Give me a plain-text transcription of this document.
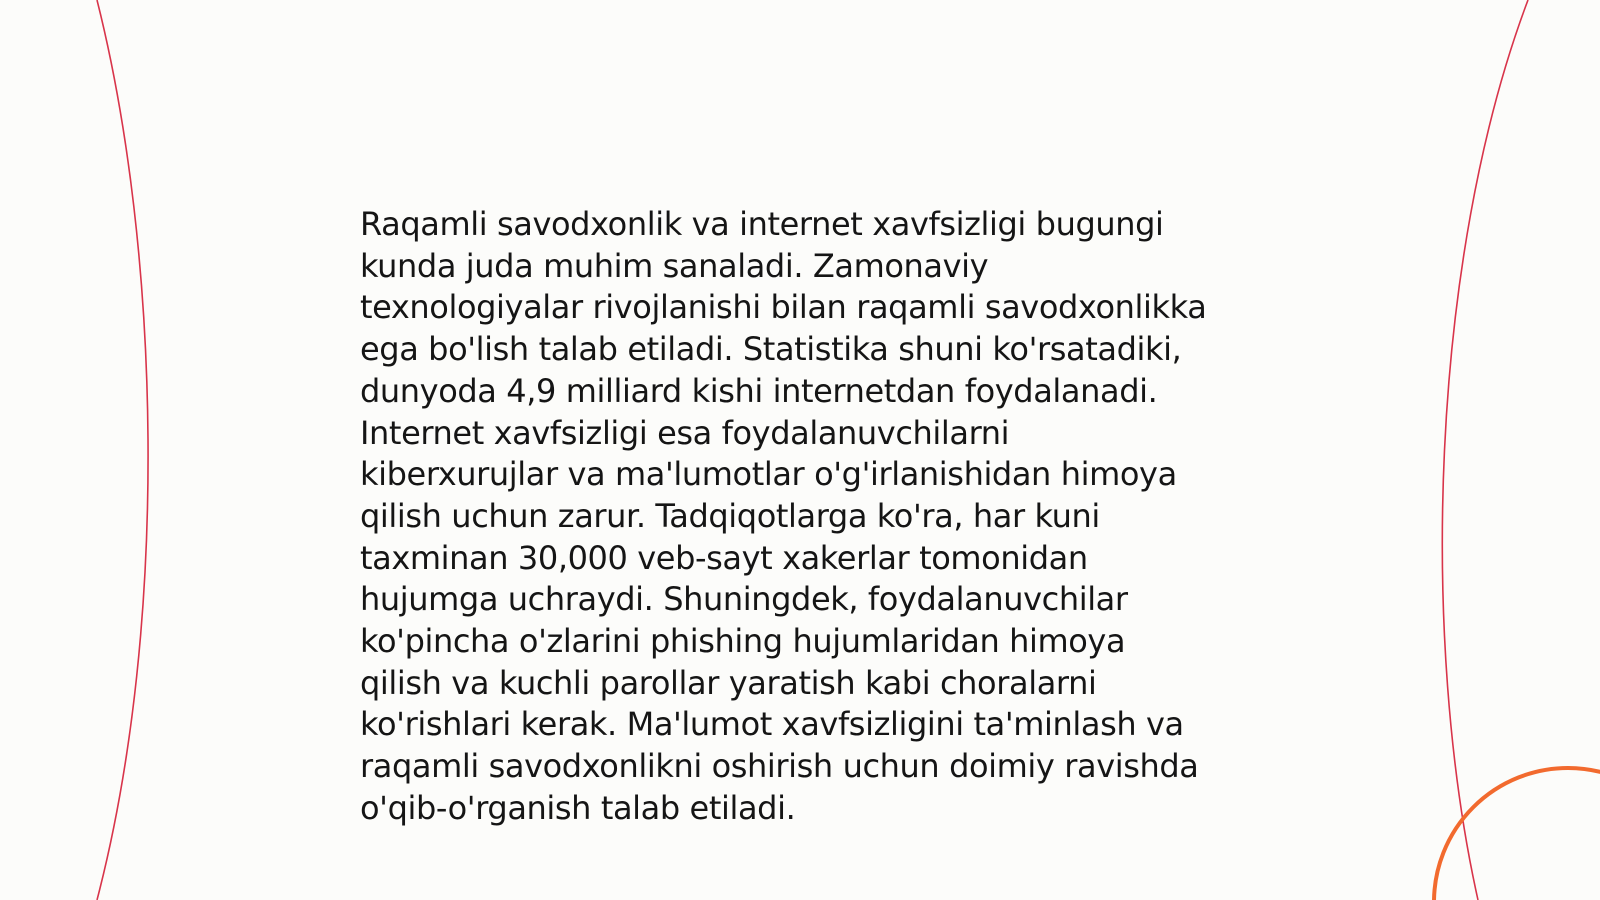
Raqamli savodxonlik va internet xavfsizligi bugungi
kunda juda muhim sanaladi. Zamonaviy
texnologiyalar rivojlanishi bilan raqamli savodxonlikka
ega bo'lish talab etiladi. Statistika shuni ko'rsatadiki,
dunyoda 4,9 milliard kishi internetdan foydalanadi.
Internet xavfsizligi esa foydalanuvchilarni
kiberxurujlar va ma'lumotlar o'g'irlanishidan himoya
qilish uchun zarur. Tadqiqotlarga ko'ra, har kuni
taxminan 30,000 veb-sayt xakerlar tomonidan
hujumga uchraydi. Shuningdek, foydalanuvchilar
ko'pincha o'zlarini phishing hujumlaridan himoya
qilish va kuchli parollar yaratish kabi choralarni
ko'rishlari kerak. Ma'lumot xavfsizligini ta'minlash va
raqamli savodxonlikni oshirish uchun doimiy ravishda
o'qib-o'rganish talab etiladi.
